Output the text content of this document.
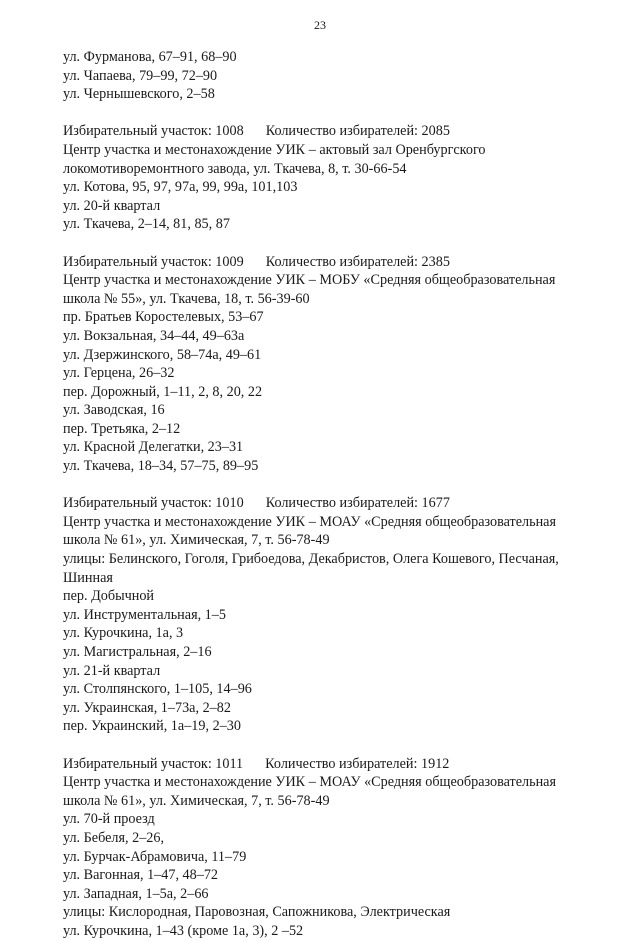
23
ул. Фурманова, 67–91, 68–90
ул. Чапаева, 79–99, 72–90
ул. Чернышевского, 2–58
Избирательный участок: 1008 Количество избирателей: 2085
Центр участка и местонахождение УИК – актовый зал Оренбургского
локомотиворемонтного завода, ул. Ткачева, 8, т. 30-66-54
ул. Котова, 95, 97, 97а, 99, 99а, 101,103
ул. 20-й квартал
ул. Ткачева, 2–14, 81, 85, 87
Избирательный участок: 1009 Количество избирателей: 2385
Центр участка и местонахождение УИК – МОБУ «Средняя общеобразовательная
школа № 55», ул. Ткачева, 18, т. 56-39-60
пр. Братьев Коростелевых, 53–67
ул. Вокзальная, 34–44, 49–63а
ул. Дзержинского, 58–74а, 49–61
ул. Герцена, 26–32
пер. Дорожный, 1–11, 2, 8, 20, 22
ул. Заводская, 16
пер. Третьяка, 2–12
ул. Красной Делегатки, 23–31
ул. Ткачева, 18–34, 57–75, 89–95
Избирательный участок: 1010 Количество избирателей: 1677
Центр участка и местонахождение УИК – МОАУ «Средняя общеобразовательная
школа № 61», ул. Химическая, 7, т. 56-78-49
улицы: Белинского, Гоголя, Грибоедова, Декабристов, Олега Кошевого, Песчаная,
Шинная
пер. Добычной
ул. Инструментальная, 1–5
ул. Курочкина, 1а, 3
ул. Магистральная, 2–16
ул. 21-й квартал
ул. Столпянского, 1–105, 14–96
ул. Украинская, 1–73а, 2–82
пер. Украинский, 1а–19, 2–30
Избирательный участок: 1011 Количество избирателей: 1912
Центр участка и местонахождение УИК – МОАУ «Средняя общеобразовательная
школа № 61», ул. Химическая, 7, т. 56-78-49
ул. 70-й проезд
ул. Бебеля, 2–26,
ул. Бурчак-Абрамовича, 11–79
ул. Вагонная, 1–47, 48–72
ул. Западная, 1–5а, 2–66
улицы: Кислородная, Паровозная, Сапожникова, Электрическая
ул. Курочкина, 1–43 (кроме 1а, 3), 2 –52
